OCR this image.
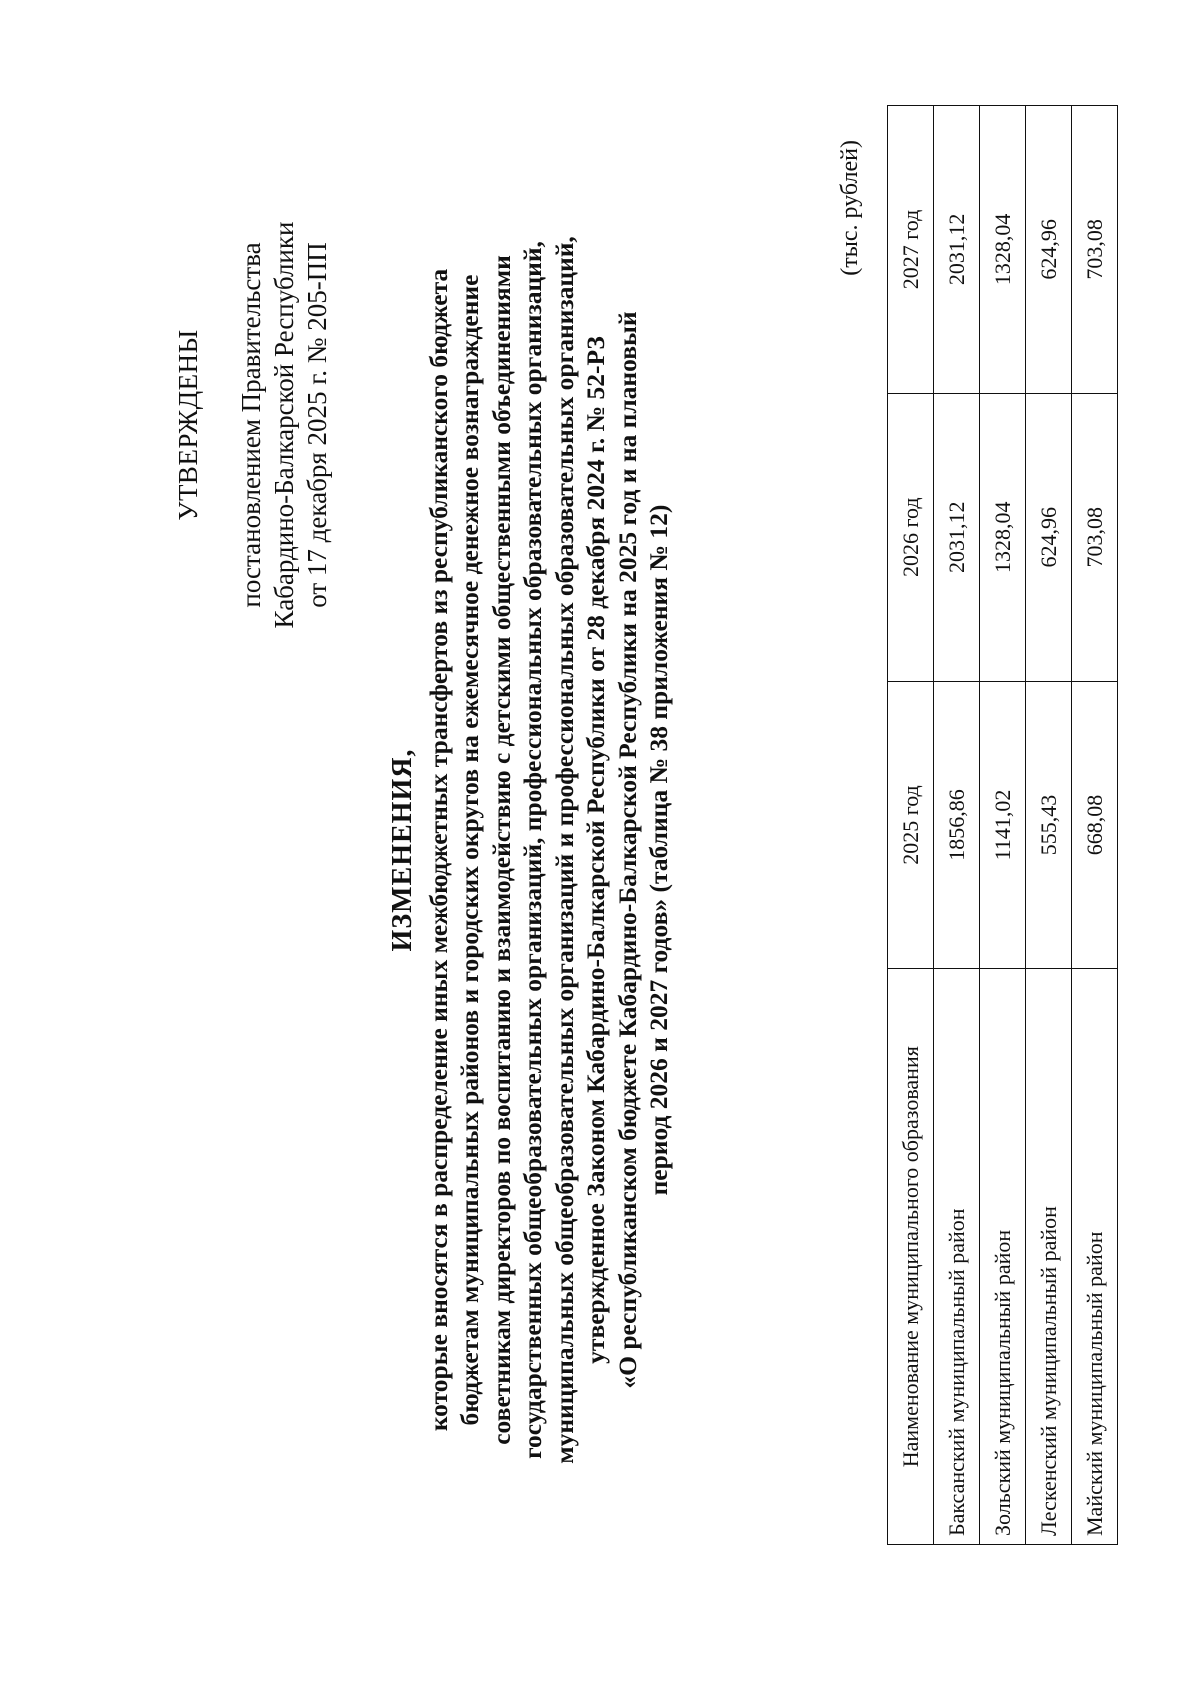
УТВЕРЖДЕНЫ постановлением Правительства Кабардино-Балкарской Республики от 17 декабря 2025 г. № 205-ПП
ИЗМЕНЕНИЯ, которые вносятся в распределение иных межбюджетных трансфертов из республиканского бюджета бюджетам муниципальных районов и городских округов на ежемесячное денежное вознаграждение советникам директоров по воспитанию и взаимодействию с детскими общественными объединениями государственных общеобразовательных организаций, профессиональных образовательных организаций, муниципальных общеобразовательных организаций и профессиональных образовательных организаций, утвержденное Законом Кабардино-Балкарской Республики от 28 декабря 2024 г. № 52-РЗ «О республиканском бюджете Кабардино-Балкарской Республики на 2025 год и на плановый период 2026 и 2027 годов» (таблица № 38 приложения № 12)
(тыс. рублей)
Наименование муниципального образования	2025 год	2026 год	2027 год
Баксанский муниципальный район	1856,86	2031,12	2031,12
Зольский муниципальный район	1141,02	1328,04	1328,04
Лескенский муниципальный район	555,43	624,96	624,96
Майский муниципальный район	668,08	703,08	703,08
